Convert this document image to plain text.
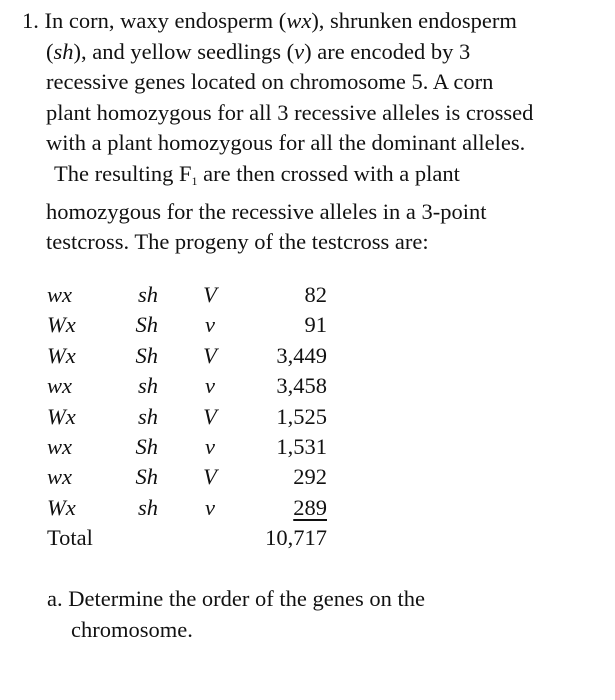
1. In corn, waxy endosperm (wx), shrunken endosperm
(sh), and yellow seedlings (v) are encoded by 3
recessive genes located on chromosome 5. A corn
plant homozygous for all 3 recessive alleles is crossed
with a plant homozygous for all the dominant alleles.
The resulting $F_1$ are then crossed with a plant
homozygous for the recessive alleles in a 3-point
testcross. The progeny of the testcross are:
wx	sh	V	82
Wx	Sh	v	91
Wx	Sh	V	3,449
wx	sh	v	3,458
Wx	sh	V	1,525
wx	Sh	v	1,531
wx	Sh	V	292
Wx	sh	v	289
Total	10,717
a. Determine the order of the genes on the
chromosome.
